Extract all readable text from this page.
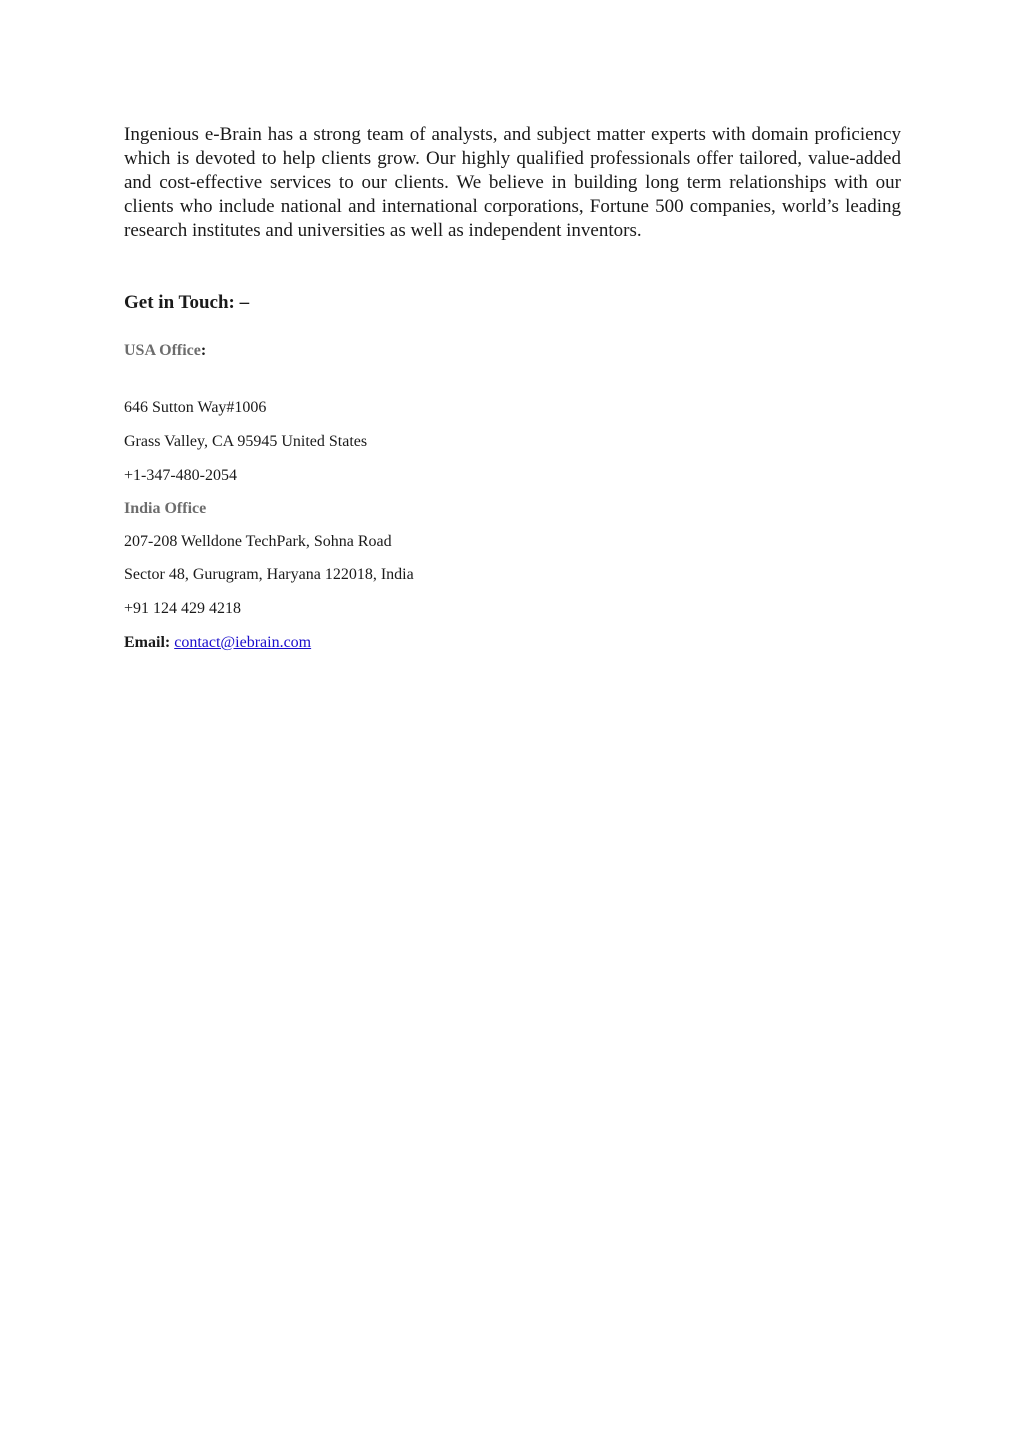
Ingenious e-Brain has a strong team of analysts, and subject matter experts with domain proficiency which is devoted to help clients grow. Our highly qualified professionals offer tailored, value-added and cost-effective services to our clients. We believe in building long term relationships with our clients who include national and international corporations, Fortune 500 companies, world’s leading research institutes and universities as well as independent inventors.

Get in Touch: –
USA Office:
646 Sutton Way#1006
Grass Valley, CA 95945 United States
+1-347-480-2054
India Office
207-208 Welldone TechPark, Sohna Road
Sector 48, Gurugram, Haryana 122018, India
+91 124 429 4218
Email: contact@iebrain.com
